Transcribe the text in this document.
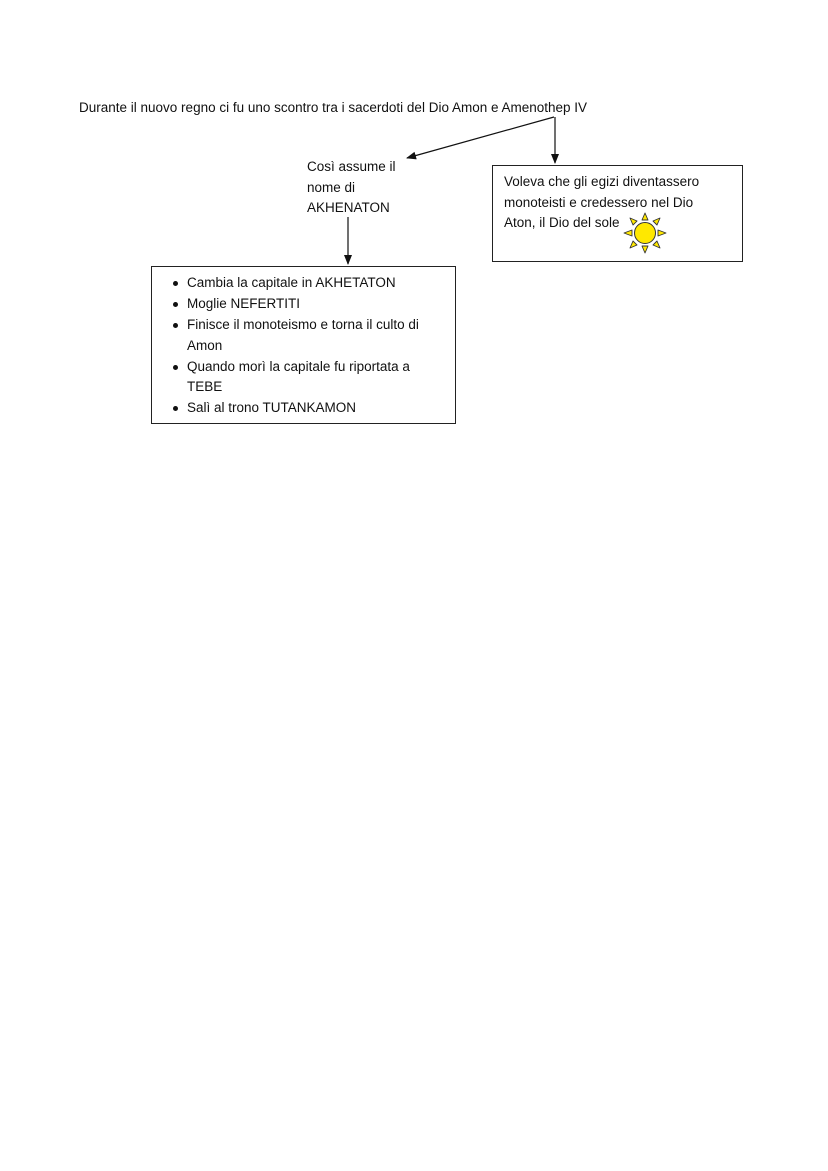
Durante il nuovo regno ci fu uno scontro tra i sacerdoti del Dio Amon e Amenothep IV
Così assume il
nome di
AKHENATON
Voleva che gli egizi diventassero
monoteisti e credessero nel Dio
Aton, il Dio del sole
Cambia la capitale in AKHETATON
Moglie NEFERTITI
Finisce il monoteismo e torna il culto di Amon
Quando morì la capitale fu riportata a TEBE
Salì al trono TUTANKAMON
